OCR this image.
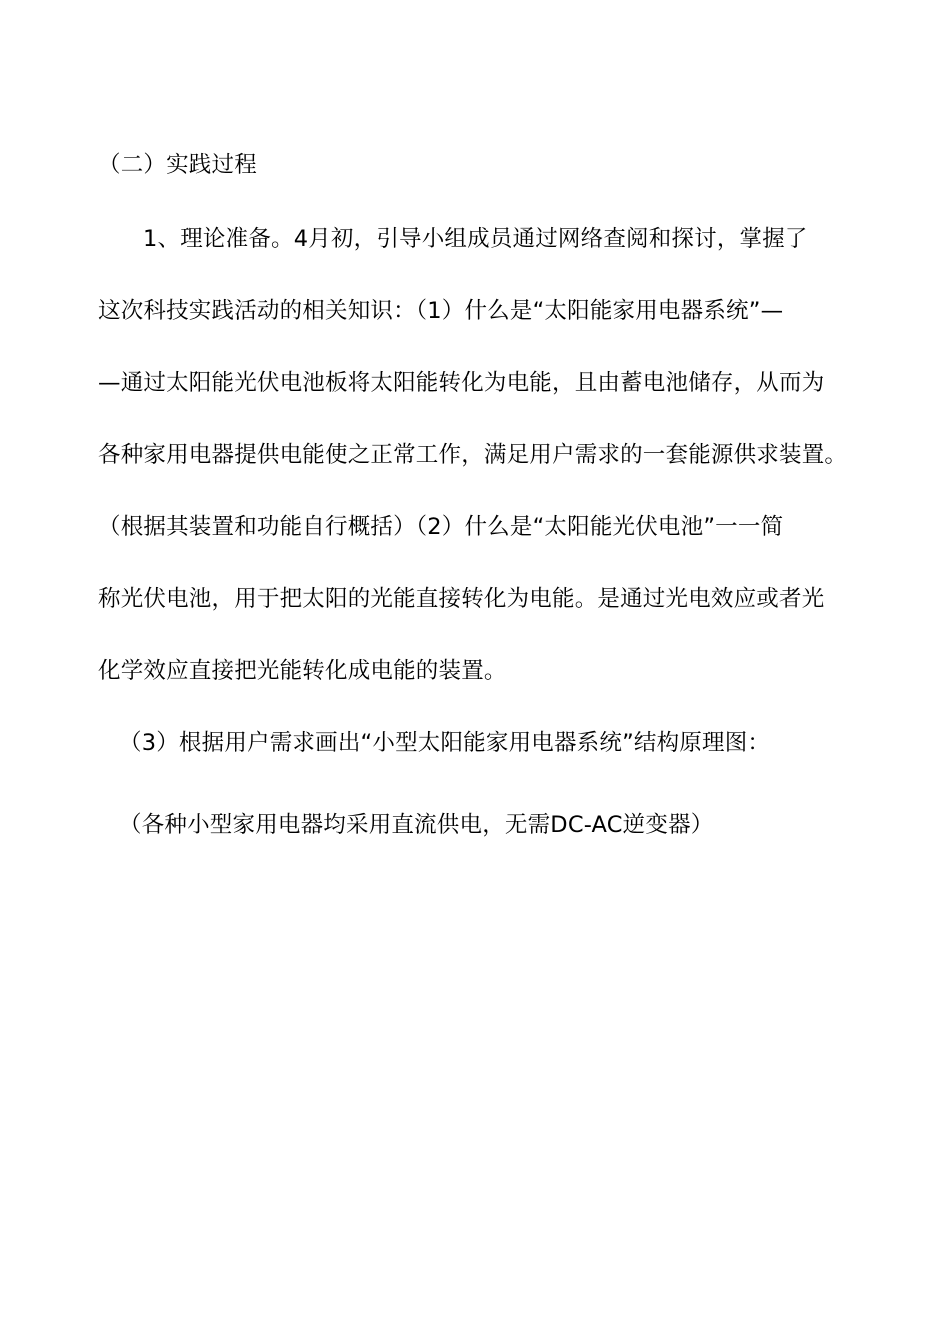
（二）实践过程
1、理论准备。4月初，引导小组成员通过网络查阅和探讨，掌握了
这次科技实践活动的相关知识：（1）什么是“太阳能家用电器系统”—
—通过太阳能光伏电池板将太阳能转化为电能，且由蓄电池储存，从而为
各种家用电器提供电能使之正常工作，满足用户需求的一套能源供求装置。
（根据其装置和功能自行概括）（2）什么是“太阳能光伏电池”一一简
称光伏电池，用于把太阳的光能直接转化为电能。是通过光电效应或者光
化学效应直接把光能转化成电能的装置。
（3）根据用户需求画出“小型太阳能家用电器系统”结构原理图：
（各种小型家用电器均采用直流供电，无需DC-AC逆变器）
